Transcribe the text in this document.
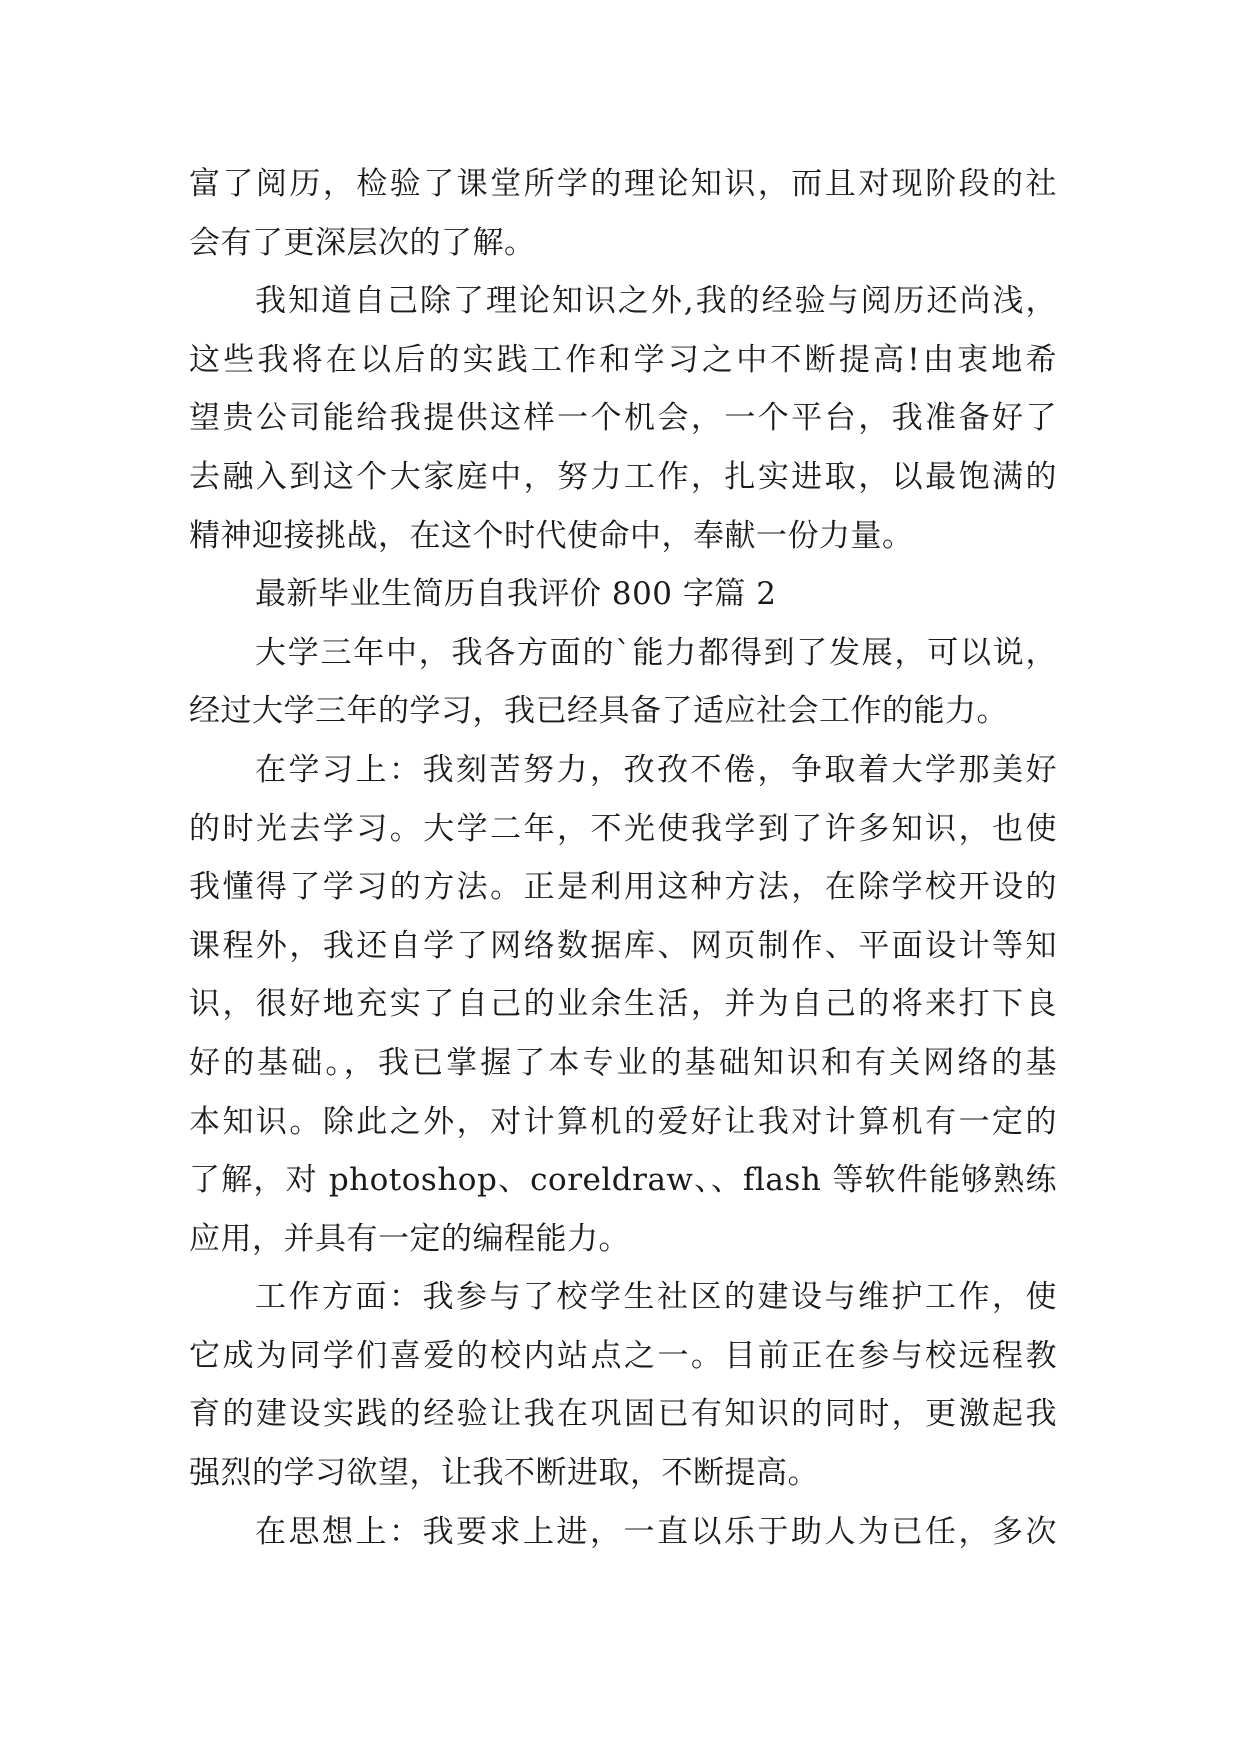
富了阅历，检验了课堂所学的理论知识，而且对现阶段的社
会有了更深层次的了解。
我知道自己除了理论知识之外,我的经验与阅历还尚浅，
这些我将在以后的实践工作和学习之中不断提高!由衷地希
望贵公司能给我提供这样一个机会，一个平台，我准备好了
去融入到这个大家庭中，努力工作，扎实进取，以最饱满的
精神迎接挑战，在这个时代使命中，奉献一份力量。
最新毕业生简历自我评价 800 字篇 2
大学三年中，我各方面的`能力都得到了发展，可以说，
经过大学三年的学习，我已经具备了适应社会工作的能力。
在学习上：我刻苦努力，孜孜不倦，争取着大学那美好
的时光去学习。大学二年，不光使我学到了许多知识，也使
我懂得了学习的方法。正是利用这种方法，在除学校开设的
课程外，我还自学了网络数据库、网页制作、平面设计等知
识，很好地充实了自己的业余生活，并为自己的将来打下良
好的基础。，我已掌握了本专业的基础知识和有关网络的基
本知识。除此之外，对计算机的爱好让我对计算机有一定的
了解，对 photoshop、coreldraw、、flash 等软件能够熟练
应用，并具有一定的编程能力。
工作方面：我参与了校学生社区的建设与维护工作，使
它成为同学们喜爱的校内站点之一。目前正在参与校远程教
育的建设实践的经验让我在巩固已有知识的同时，更激起我
强烈的学习欲望，让我不断进取，不断提高。
在思想上：我要求上进，一直以乐于助人为已任，多次
